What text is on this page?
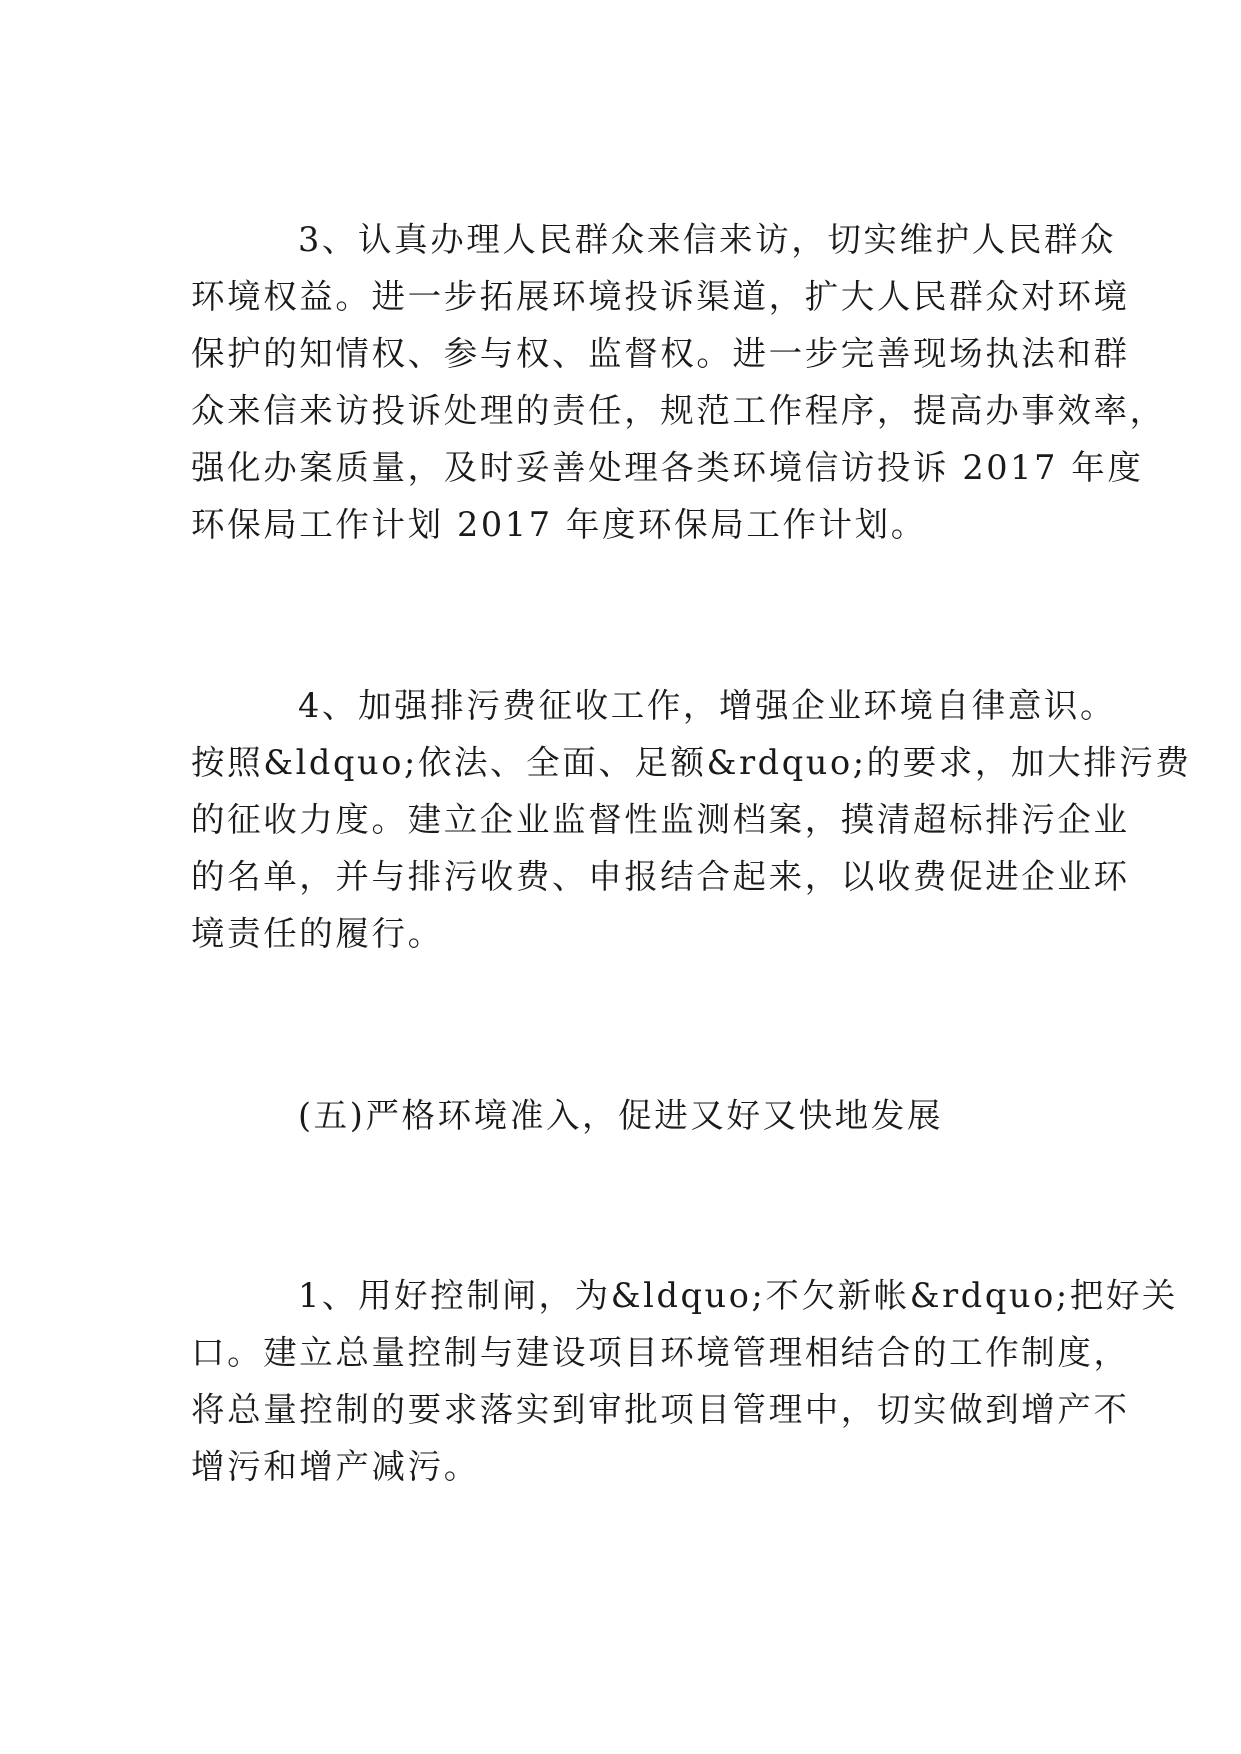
3、认真办理人民群众来信来访，切实维护人民群众
环境权益。进一步拓展环境投诉渠道，扩大人民群众对环境
保护的知情权、参与权、监督权。进一步完善现场执法和群
众来信来访投诉处理的责任，规范工作程序，提高办事效率，
强化办案质量，及时妥善处理各类环境信访投诉 2017 年度
环保局工作计划 2017 年度环保局工作计划。
4、加强排污费征收工作，增强企业环境自律意识。
按照&ldquo;依法、全面、足额&rdquo;的要求，加大排污费
的征收力度。建立企业监督性监测档案，摸清超标排污企业
的名单，并与排污收费、申报结合起来，以收费促进企业环
境责任的履行。
(五)严格环境准入，促进又好又快地发展
1、用好控制闸，为&ldquo;不欠新帐&rdquo;把好关
口。建立总量控制与建设项目环境管理相结合的工作制度，
将总量控制的要求落实到审批项目管理中，切实做到增产不
增污和增产减污。
